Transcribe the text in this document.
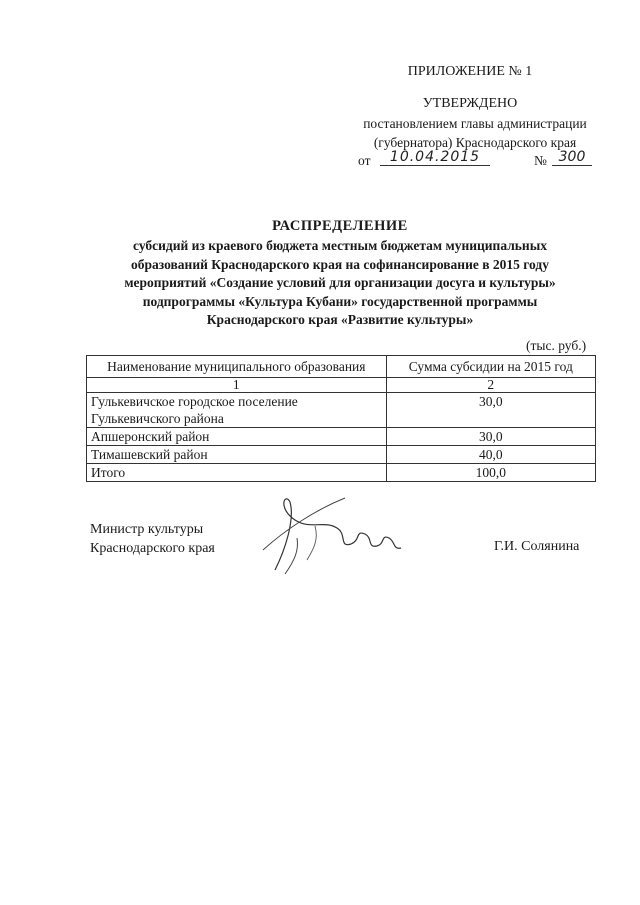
ПРИЛОЖЕНИЕ № 1
УТВЕРЖДЕНО
постановлением главы администрации
(губернатора) Краснодарского края
от	10.04.2015	№ 300
РАСПРЕДЕЛЕНИЕ
субсидий из краевого бюджета местным бюджетам муниципальных
образований Краснодарского края на софинансирование в 2015 году
мероприятий «Создание условий для организации досуга и культуры»
подпрограммы «Культура Кубани» государственной программы
Краснодарского края «Развитие культуры»
(тыс. руб.)
Наименование муниципального образования	Сумма субсидии на 2015 год
1	2
Гулькевичское городское поселение Гулькевичского района	30,0
Апшеронский район	30,0
Тимашевский район	40,0
Итого	100,0
Министр культуры
Краснодарского края	Г.И. Солянина
